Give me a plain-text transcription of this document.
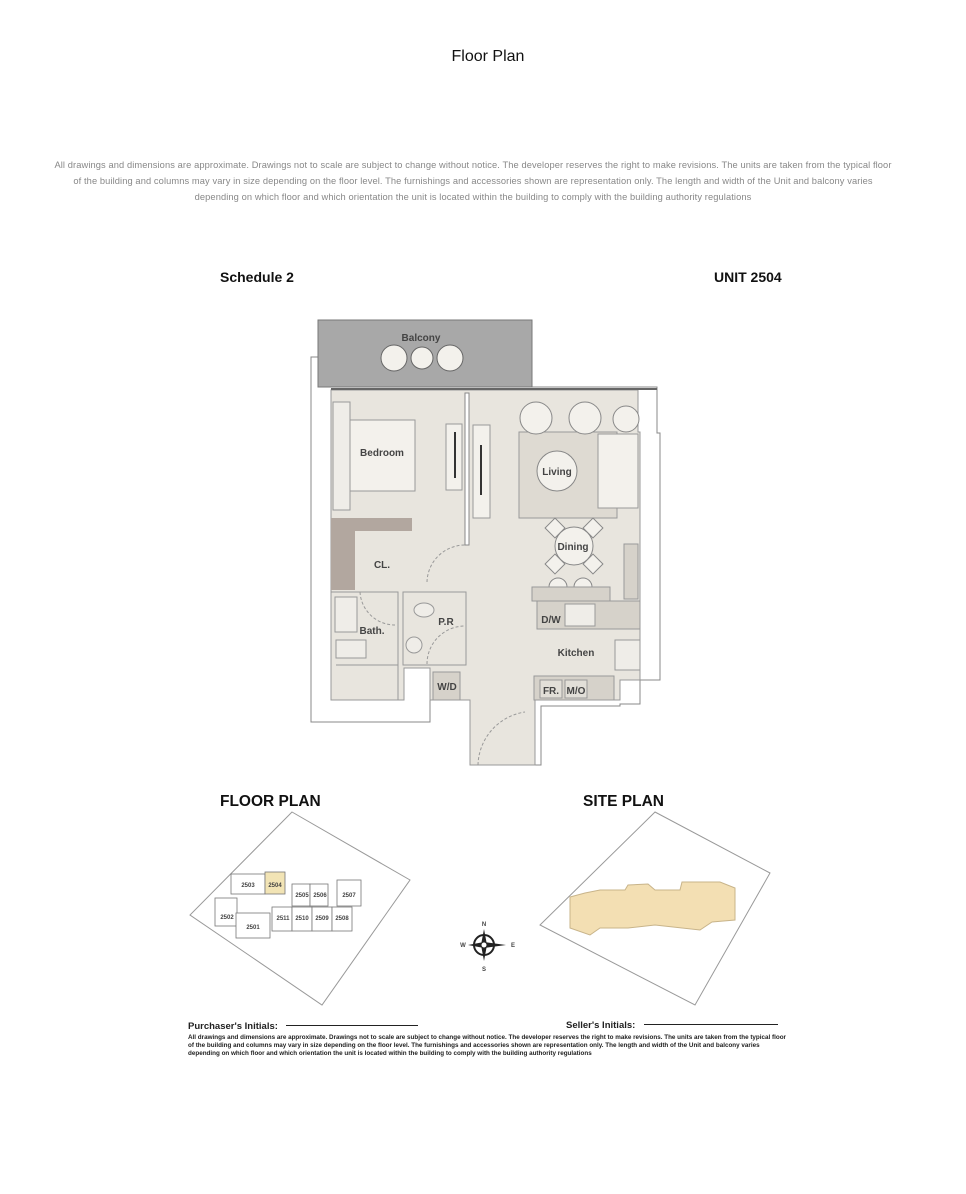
Floor Plan
All drawings and dimensions are approximate. Drawings not to scale are subject to change without notice. The developer reserves the right to make revisions. The units are taken from the typical floor of the building and columns may vary in size depending on the floor level. The furnishings and accessories shown are representation only. The length and width of the Unit and balcony varies depending on which floor and which orientation the unit is located within the building to comply with the building authority regulations
Schedule 2	UNIT 2504
Balcony
Bedroom
Living
Dining
CL.
Bath.
P.R	D/W
Kitchen
W/D	FR. M/O
2503 2504
2505 2506	2507
2502
2501
2511 2510 2509 2508
N
W	E
S
FLOOR PLAN	SITE PLAN
Purchaser's Initials:	Seller's Initials:
All drawings and dimensions are approximate. Drawings not to scale are subject to change without notice. The developer reserves the right to make revisions. The units are taken from the typical floor of the building and columns may vary in size depending on the floor level. The furnishings and accessories shown are representation only. The length and width of the Unit and balcony varies depending on which floor and which orientation the unit is located within the building to comply with the building authority regulations
